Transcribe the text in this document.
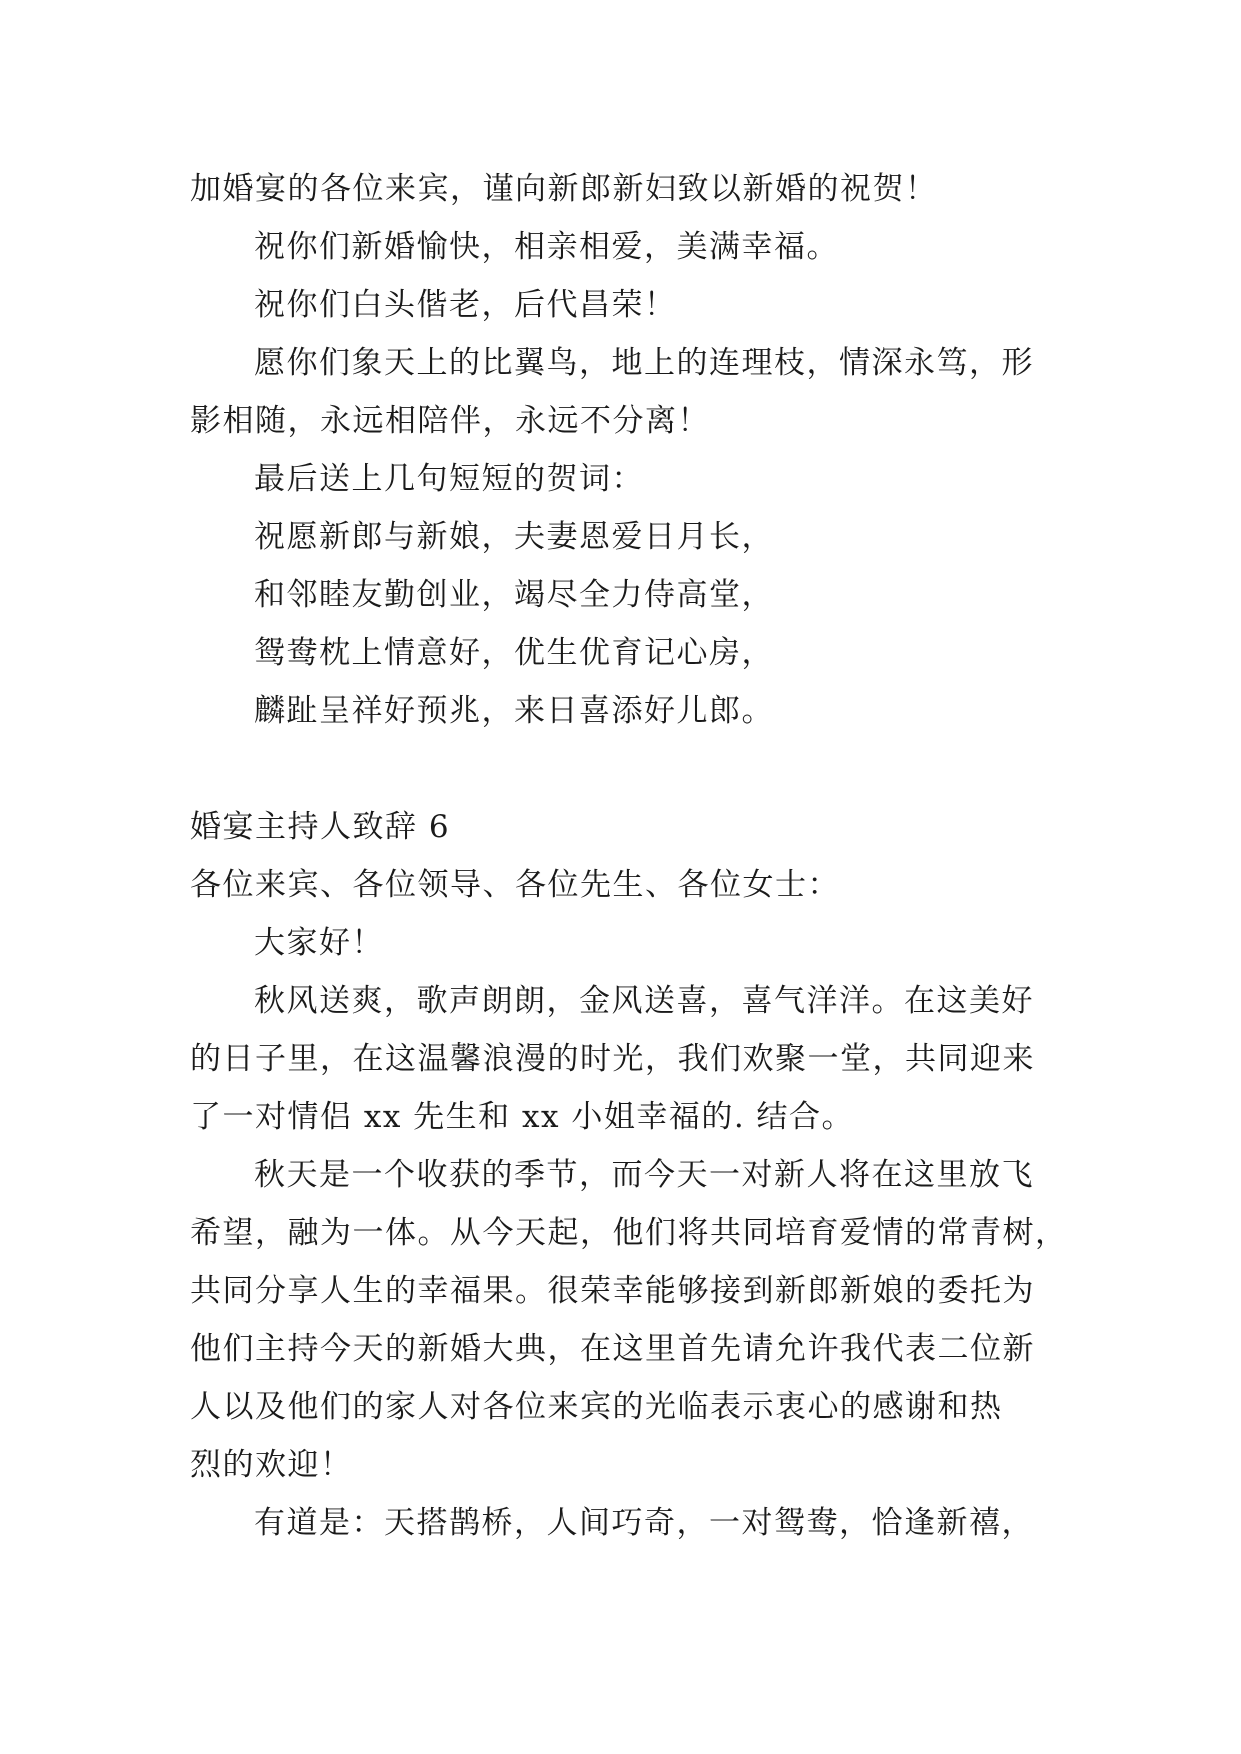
加婚宴的各位来宾，谨向新郎新妇致以新婚的祝贺！
祝你们新婚愉快，相亲相爱，美满幸福。
祝你们白头偕老，后代昌荣！
愿你们象天上的比翼鸟，地上的连理枝，情深永笃，形
影相随，永远相陪伴，永远不分离！
最后送上几句短短的贺词：
祝愿新郎与新娘，夫妻恩爱日月长，
和邻睦友勤创业，竭尽全力侍高堂，
鸳鸯枕上情意好，优生优育记心房，
麟趾呈祥好预兆，来日喜添好儿郎。
婚宴主持人致辞 6
各位来宾、各位领导、各位先生、各位女士：
大家好！
秋风送爽，歌声朗朗，金风送喜，喜气洋洋。在这美好
的日子里，在这温馨浪漫的时光，我们欢聚一堂，共同迎来
了一对情侣 xx 先生和 xx 小姐幸福的. 结合。
秋天是一个收获的季节，而今天一对新人将在这里放飞
希望，融为一体。从今天起，他们将共同培育爱情的常青树，
共同分享人生的幸福果。很荣幸能够接到新郎新娘的委托为
他们主持今天的新婚大典，在这里首先请允许我代表二位新
人以及他们的家人对各位来宾的光临表示衷心的感谢和热
烈的欢迎！
有道是：天搭鹊桥，人间巧奇，一对鸳鸯，恰逢新禧，
